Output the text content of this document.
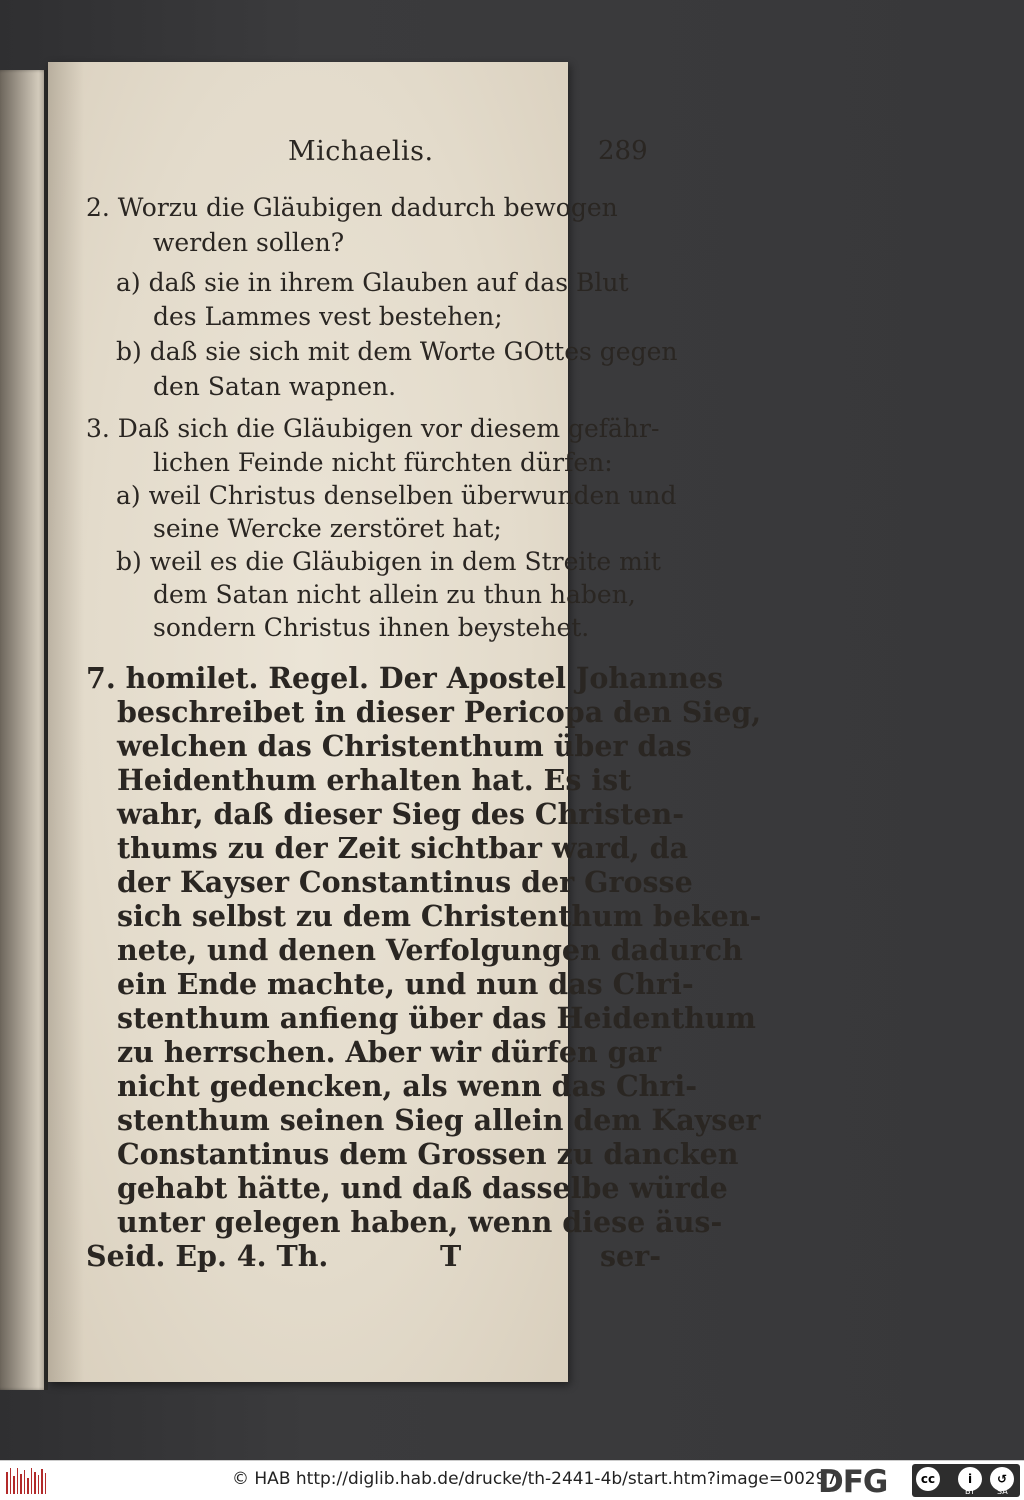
Michaelis.	289
2. Worzu die Gläubigen dadurch bewogen
werden sollen?
a) daß sie in ihrem Glauben auf das Blut
des Lammes vest bestehen;
b) daß sie sich mit dem Worte GOttes gegen
den Satan wapnen.
3. Daß sich die Gläubigen vor diesem gefähr-
lichen Feinde nicht fürchten dürfen:
a) weil Christus denselben überwunden und
seine Wercke zerstöret hat;
b) weil es die Gläubigen in dem Streite mit
dem Satan nicht allein zu thun haben,
sondern Christus ihnen beystehet.
7. homilet. Regel. Der Apostel Johannes
beschreibet in dieser Pericopa den Sieg,
welchen das Christenthum über das
Heidenthum erhalten hat. Es ist
wahr, daß dieser Sieg des Christen-
thums zu der Zeit sichtbar ward, da
der Kayser Constantinus der Grosse
sich selbst zu dem Christenthum beken-
nete, und denen Verfolgungen dadurch
ein Ende machte, und nun das Chri-
stenthum anfieng über das Heidenthum
zu herrschen. Aber wir dürfen gar
nicht gedencken, als wenn das Chri-
stenthum seinen Sieg allein dem Kayser
Constantinus dem Grossen zu dancken
gehabt hätte, und daß dasselbe würde
unter gelegen haben, wenn diese äus-
Seid. Ep. 4. Th.	T	ser-
© HAB http://diglib.hab.de/drucke/th-2441-4b/start.htm?image=00297
DFG	cc	i	↺
BY	SA
